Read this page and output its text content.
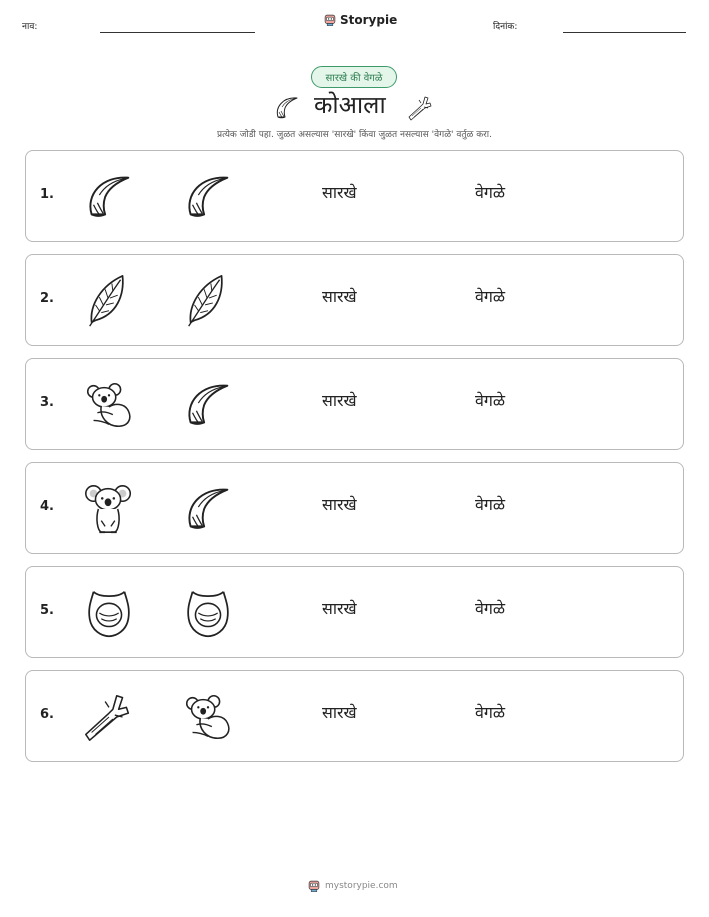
नाव:	Storypie	दिनांक:
सारखे की वेगळे
कोआला
प्रत्येक जोडी पहा. जुळत असल्यास 'सारखे' किंवा जुळत नसल्यास 'वेगळे' वर्तुळ करा.
1.	सारखे	वेगळे
2.	सारखे	वेगळे
3.	सारखे	वेगळे
4.	सारखे	वेगळे
5.	सारखे	वेगळे
6.	सारखे	वेगळे
mystorypie.com
